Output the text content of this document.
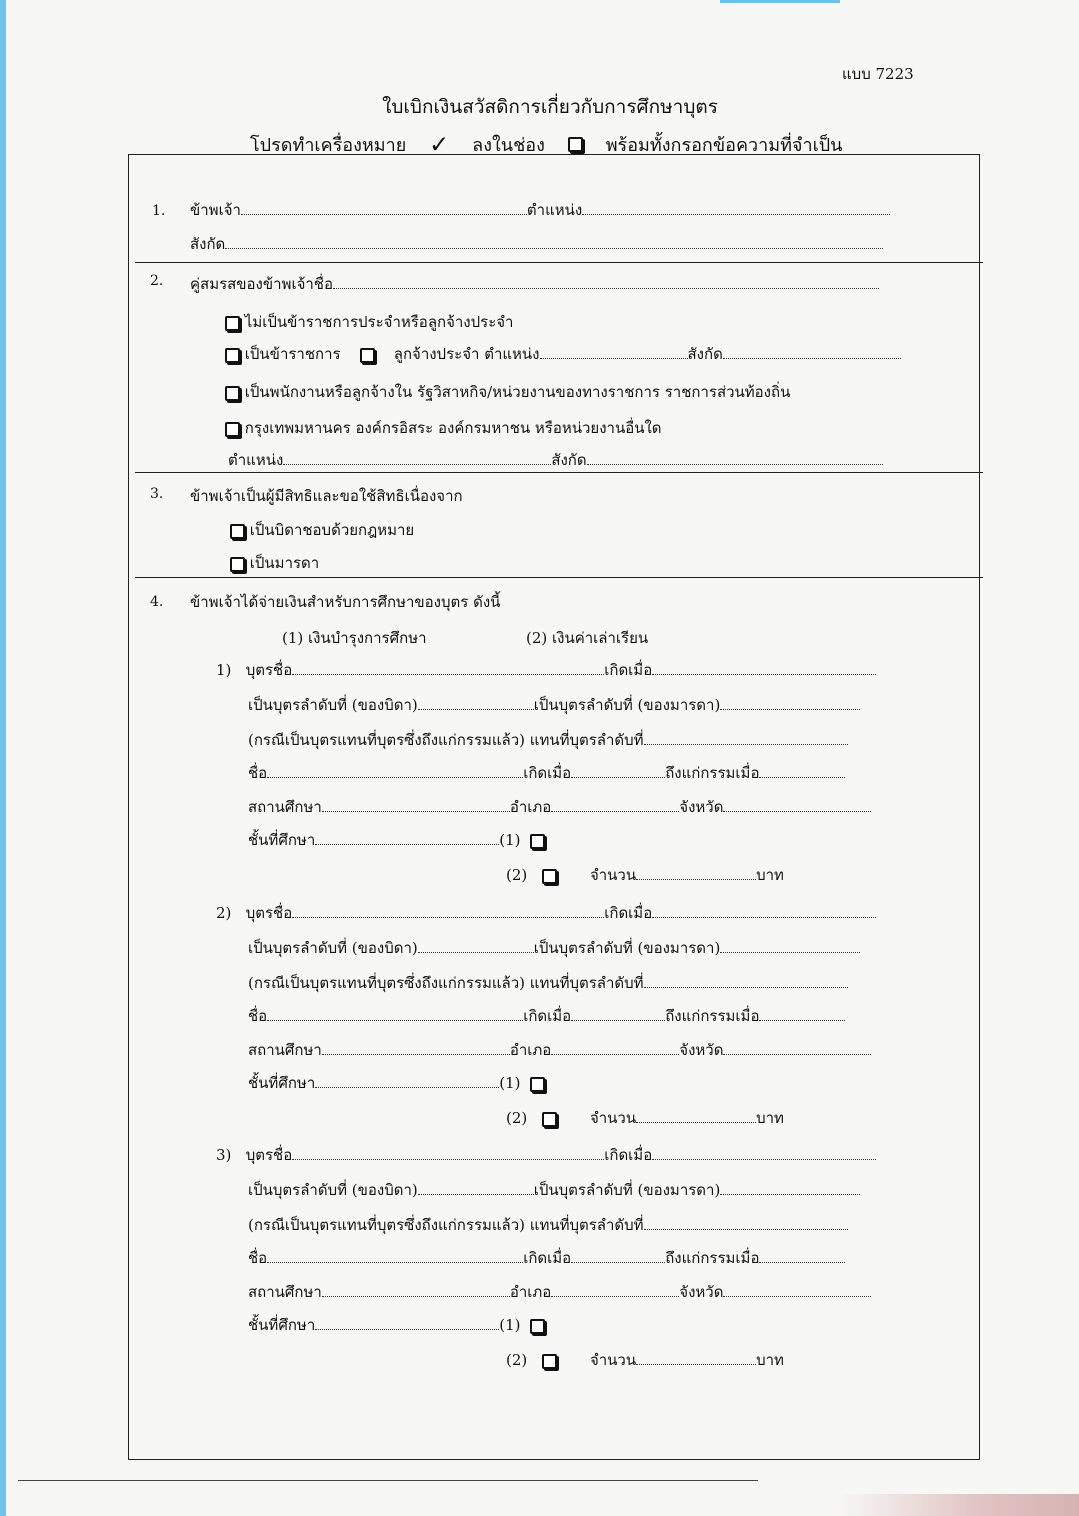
แบบ 7223
ใบเบิกเงินสวัสดิการเกี่ยวกับการศึกษาบุตร
โปรดทำเครื่องหมาย ✓ ลงในช่อง	พร้อมทั้งกรอกข้อความที่จำเป็น
1. ข้าพเจ้า	ตำแหน่ง
สังกัด
2. คู่สมรสของข้าพเจ้าชื่อ
ไม่เป็นข้าราชการประจำหรือลูกจ้างประจำ
เป็นข้าราชการ	ลูกจ้างประจำ ตำแหน่ง	สังกัด
เป็นพนักงานหรือลูกจ้างใน รัฐวิสาหกิจ/หน่วยงานของทางราชการ ราชการส่วนท้องถิ่น
กรุงเทพมหานคร องค์กรอิสระ องค์กรมหาชน หรือหน่วยงานอื่นใด
ตำแหน่ง	สังกัด
3. ข้าพเจ้าเป็นผู้มีสิทธิและขอใช้สิทธิเนื่องจาก
เป็นบิดาชอบด้วยกฎหมาย
เป็นมารดา
4. ข้าพเจ้าได้จ่ายเงินสำหรับการศึกษาของบุตร ดังนี้
(1) เงินบำรุงการศึกษา	(2) เงินค่าเล่าเรียน
1) บุตรชื่อ	เกิดเมื่อ
เป็นบุตรลำดับที่ (ของบิดา)	เป็นบุตรลำดับที่ (ของมารดา)
(กรณีเป็นบุตรแทนที่บุตรซึ่งถึงแก่กรรมแล้ว) แทนที่บุตรลำดับที่
ชื่อ	เกิดเมื่อ	ถึงแก่กรรมเมื่อ
สถานศึกษา	อำเภอ	จังหวัด
ชั้นที่ศึกษา	(1)
(2)	จำนวน	บาท
2) บุตรชื่อ	เกิดเมื่อ
เป็นบุตรลำดับที่ (ของบิดา)	เป็นบุตรลำดับที่ (ของมารดา)
(กรณีเป็นบุตรแทนที่บุตรซึ่งถึงแก่กรรมแล้ว) แทนที่บุตรลำดับที่
ชื่อ	เกิดเมื่อ	ถึงแก่กรรมเมื่อ
สถานศึกษา	อำเภอ	จังหวัด
ชั้นที่ศึกษา	(1)
(2)	จำนวน	บาท
3) บุตรชื่อ	เกิดเมื่อ
เป็นบุตรลำดับที่ (ของบิดา)	เป็นบุตรลำดับที่ (ของมารดา)
(กรณีเป็นบุตรแทนที่บุตรซึ่งถึงแก่กรรมแล้ว) แทนที่บุตรลำดับที่
ชื่อ	เกิดเมื่อ	ถึงแก่กรรมเมื่อ
สถานศึกษา	อำเภอ	จังหวัด
ชั้นที่ศึกษา	(1)
(2)	จำนวน	บาท
